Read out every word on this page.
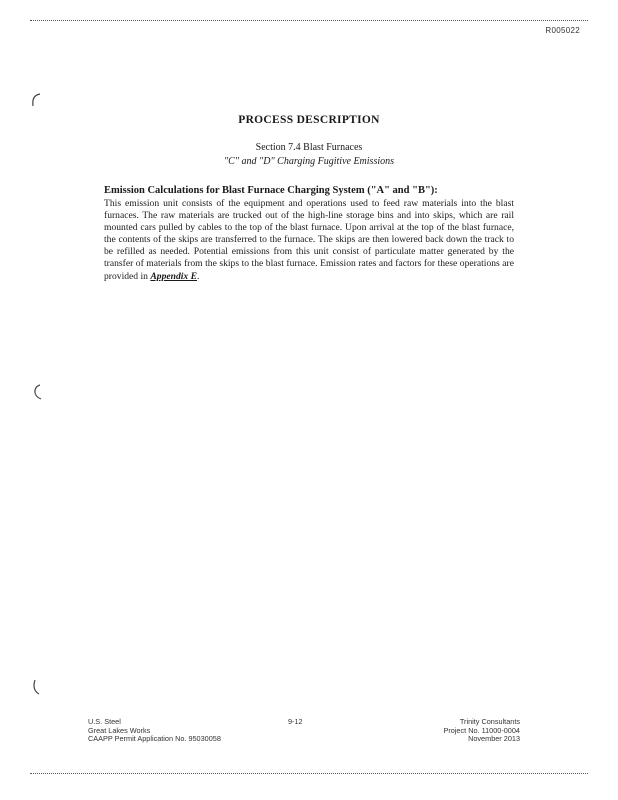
R005022
PROCESS DESCRIPTION
Section 7.4 Blast Furnaces
"C" and "D" Charging Fugitive Emissions
Emission Calculations for Blast Furnace Charging System ("A" and "B"):
This emission unit consists of the equipment and operations used to feed raw materials into the blast furnaces. The raw materials are trucked out of the high-line storage bins and into skips, which are rail mounted cars pulled by cables to the top of the blast furnace. Upon arrival at the top of the blast furnace, the contents of the skips are transferred to the furnace. The skips are then lowered back down the track to be refilled as needed. Potential emissions from this unit consist of particulate matter generated by the transfer of materials from the skips to the blast furnace. Emission rates and factors for these operations are provided in Appendix E.
U.S. Steel
Great Lakes Works
CAAPP Permit Application No. 95030058
9-12	Trinity Consultants
Project No. 11000-0004
November 2013
